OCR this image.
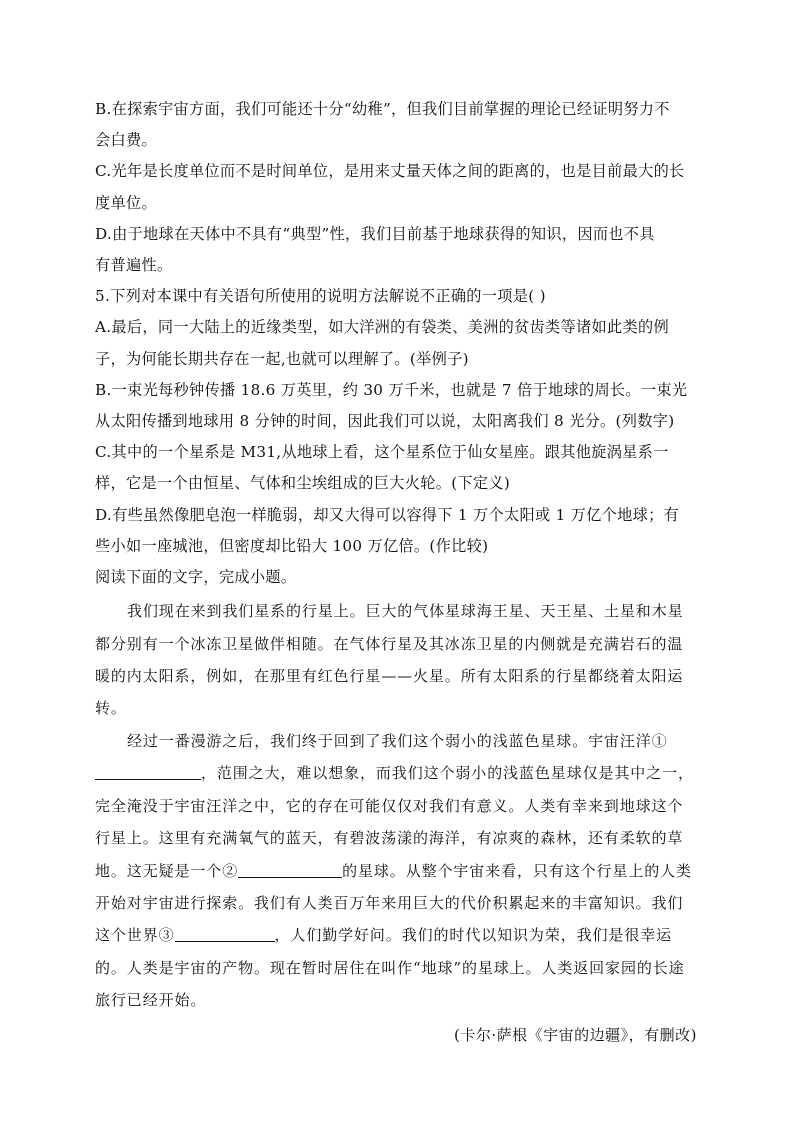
B.在探索宇宙方面，我们可能还十分“幼稚”，但我们目前掌握的理论已经证明努力不

会白费。

C.光年是长度单位而不是时间单位，是用来丈量天体之间的距离的，也是目前最大的长

度单位。

D.由于地球在天体中不具有“典型”性，我们目前基于地球获得的知识，因而也不具

有普遍性。

5.下列对本课中有关语句所使用的说明方法解说不正确的一项是( )

A.最后，同一大陆上的近缘类型，如大洋洲的有袋类、美洲的贫齿类等诸如此类的例

子，为何能长期共存在一起,也就可以理解了。(举例子)

B.一束光每秒钟传播 18.6 万英里，约 30 万千米，也就是 7 倍于地球的周长。一束光

从太阳传播到地球用 8 分钟的时间，因此我们可以说，太阳离我们 8 光分。(列数字)

C.其中的一个星系是 M31,从地球上看，这个星系位于仙女星座。跟其他旋涡星系一

样，它是一个由恒星、气体和尘埃组成的巨大火轮。(下定义)

D.有些虽然像肥皂泡一样脆弱，却又大得可以容得下 1 万个太阳或 1 万亿个地球；有

些小如一座城池，但密度却比铅大 100 万亿倍。(作比较)

阅读下面的文字，完成小题。

我们现在来到我们星系的行星上。巨大的气体星球海王星、天王星、土星和木星都分别有一个冰冻卫星做伴相随。在气体行星及其冰冻卫星的内侧就是充满岩石的温暖的内太阳系，例如，在那里有红色行星——火星。所有太阳系的行星都绕着太阳运转。

经过一番漫游之后，我们终于回到了我们这个弱小的浅蓝色星球。宇宙汪洋①，范围之大，难以想象，而我们这个弱小的浅蓝色星球仅是其中之一，完全淹没于宇宙汪洋之中，它的存在可能仅仅对我们有意义。人类有幸来到地球这个行星上。这里有充满氧气的蓝天，有碧波荡漾的海洋，有凉爽的森林，还有柔软的草地。这无疑是一个②	的星球。从整个宇宙来看，只有这个行星上的人类开始对宇宙进行探索。我们有人类百万年来用巨大的代价积累起来的丰富知识。我们这个世界③	，人们勤学好问。我们的时代以知识为荣，我们是很幸运的。人类是宇宙的产物。现在暂时居住在叫作“地球”的星球上。人类返回家园的长途旅行已经开始。

(卡尔·萨根《宇宙的边疆》，有删改)
